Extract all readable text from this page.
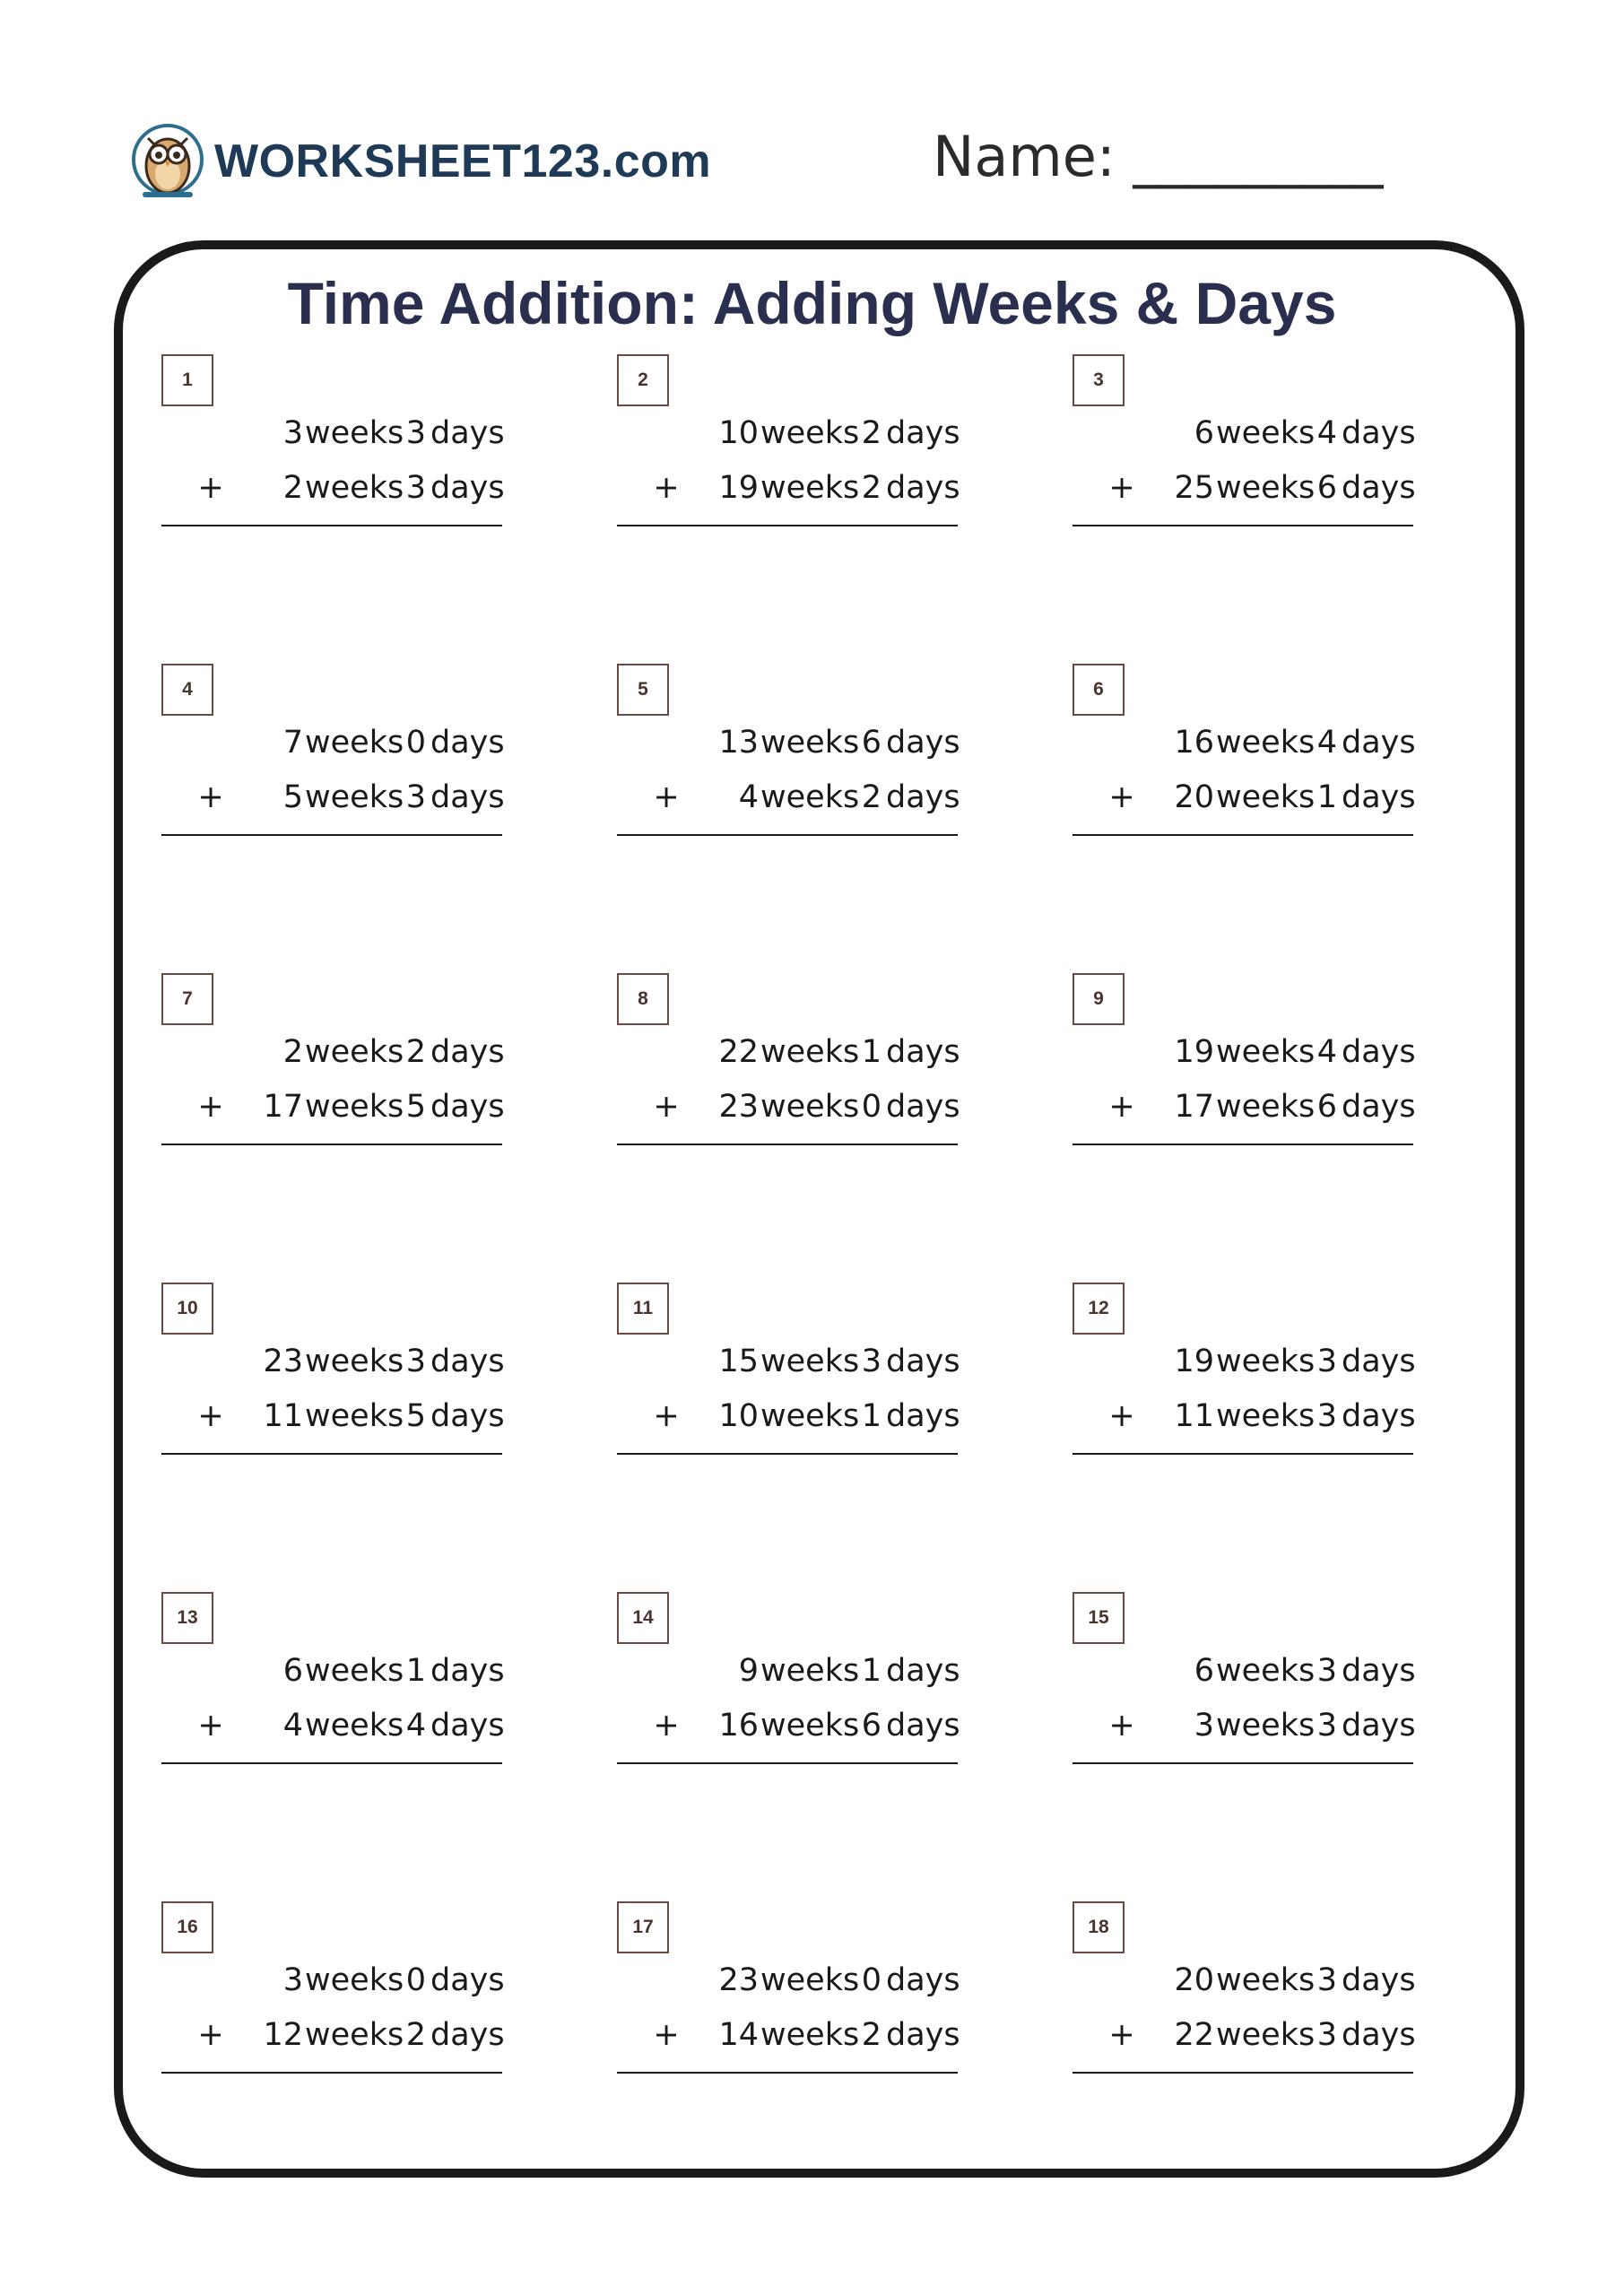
WORKSHEET123.com	Name: _________
Time Addition: Adding Weeks & Days
1
3 weeks 3 days
+	2 weeks 3 days
2
10 weeks 2 days
+	19 weeks 2 days
3
6 weeks 4 days
+	25 weeks 6 days
4
7 weeks 0 days
+	5 weeks 3 days
5
13 weeks 6 days
+	4 weeks 2 days
6
16 weeks 4 days
+	20 weeks 1 days
7
2 weeks 2 days
+	17 weeks 5 days
8
22 weeks 1 days
+	23 weeks 0 days
9
19 weeks 4 days
+	17 weeks 6 days
10
23 weeks 3 days
+	11 weeks 5 days
11
15 weeks 3 days
+	10 weeks 1 days
12
19 weeks 3 days
+	11 weeks 3 days
13
6 weeks 1 days
+	4 weeks 4 days
14
9 weeks 1 days
+	16 weeks 6 days
15
6 weeks 3 days
+	3 weeks 3 days
16
3 weeks 0 days
+	12 weeks 2 days
17
23 weeks 0 days
+	14 weeks 2 days
18
20 weeks 3 days
+	22 weeks 3 days
